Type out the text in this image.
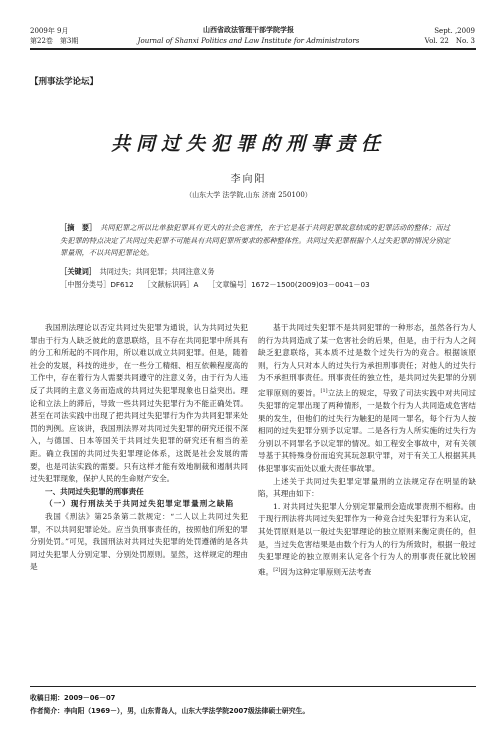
2009年 9月
第22卷　第3期
山西省政法管理干部学院学报
Journal of Shanxi Politics and Law Institute for Administrators
Sept. ,2009
Vol. 22　No. 3
【刑事法学论坛】
共同过失犯罪的刑事责任
李向阳
（山东大学 法学院,山东 济南 250100）

［摘　要］　 共同犯罪之所以比单独犯罪具有更大的社会危害性，在于它是基于共同犯罪故意结成的犯罪活动的整体；而过失犯罪的特点决定了共同过失犯罪不可能具有共同犯罪所要求的那种整体性。共同过失犯罪根据个人过失犯罪的情况分别定罪量刑，不以共同犯罪论处。

［关键词］　 共同过失；共同犯罪；共同注意义务

［中图分类号］DF612　 ［文献标识码］A　 ［文章编号］1672－1500(2009)03－0041－03

我国刑法理论以否定共同过失犯罪为通说，认为共同过失犯罪由于行为人缺乏彼此的意思联络，且不存在共同犯罪中所具有的分工和所起的不同作用，所以难以成立共同犯罪。但是，随着社会的发展，科技的进步，在一些分工精细、相互依赖程度高的工作中，存在着行为人需要共同遵守的注意义务，由于行为人违反了共同的主意义务而造成的共同过失犯罪现象也日益突出。理论和立法上的滞后，导致一些共同过失犯罪行为不能正确处罚。甚至在司法实践中出现了把共同过失犯罪行为作为共同犯罪来处罚的判例。应该讲，我国刑法界对共同过失犯罪的研究还很不深入，与德国、日本等国关于共同过失犯罪的研究还有相当的差距。确立我国的共同过失犯罪理论体系，这既是社会发展的需要，也是司法实践的需要。只有这样才能有效地制裁和遏制共同过失犯罪现象，保护人民的生命财产安全。

一、共同过失犯罪的刑事责任

（一）现行刑法关于共同过失犯罪定罪量刑之缺陷

我国《刑法》第25条第二款规定：“二人以上共同过失犯罪，不以共同犯罪论处。应当负刑事责任的，按照他们所犯的罪分别处罚。”可见，我国刑法对共同过失犯罪的处罚遵循的是各共同过失犯罪人分别定罪、分别处罚原则。显然，这样规定的理由是

基于共同过失犯罪不是共同犯罪的一种形态，虽然各行为人的行为共同造成了某一危害社会的后果，但是，由于行为人之间缺乏犯意联络，其本质不过是数个过失行为的竞合。根据该原则，行为人只对本人的过失行为承担刑事责任；对他人的过失行为不承担刑事责任。刑事责任的独立性，是共同过失犯罪的分别定罪原则的要旨。[1]立法上的规定，导致了司法实践中对共同过失犯罪的定罪出现了两种情形，一是数个行为人共同造成危害结果的发生，但他们的过失行为触犯的是同一罪名，每个行为人按相同的过失犯罪分别予以定罪。二是各行为人所实施的过失行为分别以不同罪名予以定罪的情况。如工程安全事故中，对有关领导基于其特殊身份而追究其玩忽职守罪，对于有关工人根据其具体犯罪事实而处以重大责任事故罪。

上述关于共同过失犯罪定罪量刑的立法规定存在明显的缺陷，其理由如下：

1. 对共同过失犯罪人分别定罪量刑会造成罪责刑不相称。由于现行刑法将共同过失犯罪作为一种竞合过失犯罪行为来认定，其处罚原则是以一般过失犯罪理论的独立原则来衡定责任的，但是，当过失危害结果是由数个行为人的行为所致时，根据一般过失犯罪理论的独立原则来认定各个行为人的刑事责任就比较困难。[2]因为这种定罪原则无法考查

收稿日期：2009－06－07
作者简介：李向阳（1969－），男，山东青岛人，山东大学法学院2007级法律硕士研究生。
